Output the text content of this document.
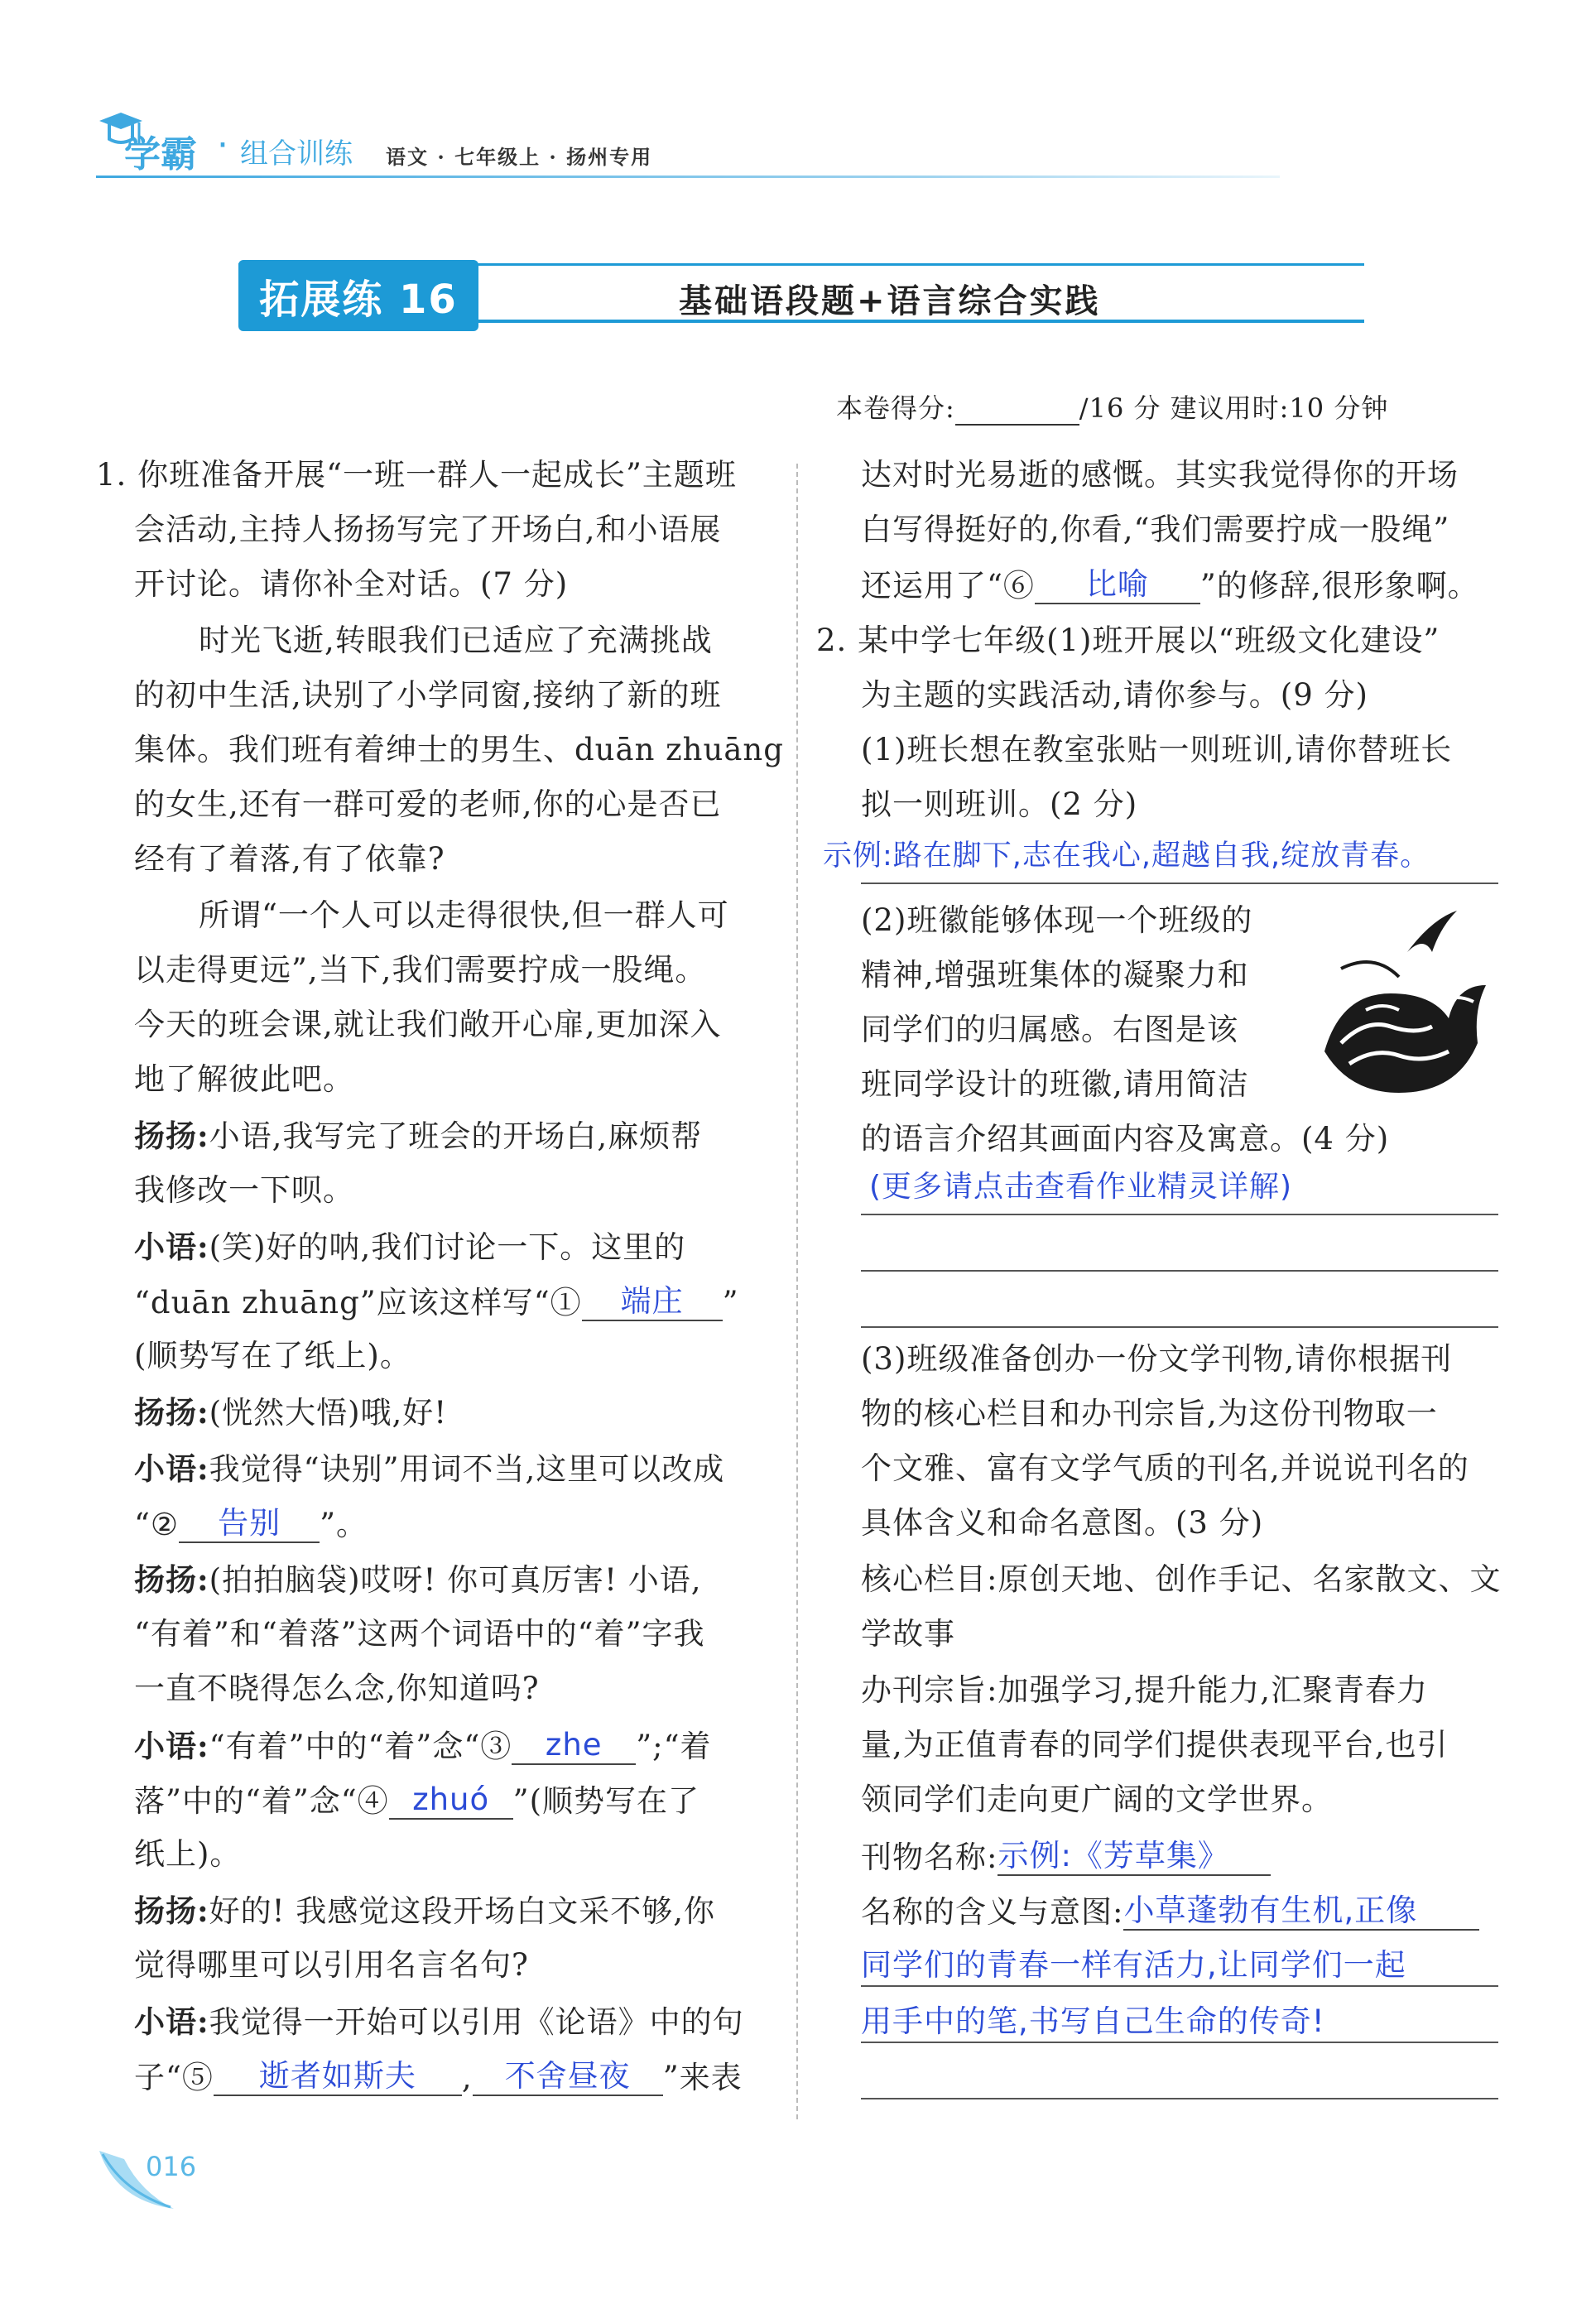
学霸 · 组合训练 语文 · 七年级上 · 扬州专用
拓展练 16	基础语段题+语言综合实践
本卷得分:	/16 分 建议用时:10 分钟
1. 你班准备开展“一班一群人一起成长”主题班
会活动,主持人扬扬写完了开场白,和小语展
开讨论。请你补全对话。(7 分)
时光飞逝,转眼我们已适应了充满挑战
的初中生活,诀别了小学同窗,接纳了新的班
集体。我们班有着绅士的男生、duān zhuāng
的女生,还有一群可爱的老师,你的心是否已
经有了着落,有了依靠?
所谓“一个人可以走得很快,但一群人可
以走得更远”,当下,我们需要拧成一股绳。
今天的班会课,就让我们敞开心扉,更加深入
地了解彼此吧。
扬扬:小语,我写完了班会的开场白,麻烦帮
我修改一下呗。
小语:(笑)好的呐,我们讨论一下。这里的
“duān zhuāng”应该这样写“① 端庄 ”
(顺势写在了纸上)。
扬扬:(恍然大悟)哦,好!
小语:我觉得“诀别”用词不当,这里可以改成
“② 告别 ”。
扬扬:(拍拍脑袋)哎呀! 你可真厉害! 小语,
“有着”和“着落”这两个词语中的“着”字我
一直不晓得怎么念,你知道吗?
小语:“有着”中的“着”念“③ zhe ”;“着
落”中的“着”念“④ zhuó ”(顺势写在了
纸上)。
扬扬:好的! 我感觉这段开场白文采不够,你
觉得哪里可以引用名言名句?
小语:我觉得一开始可以引用《论语》中的句
子“⑤ 逝者如斯夫 , 不舍昼夜 ”来表
达对时光易逝的感慨。其实我觉得你的开场
白写得挺好的,你看,“我们需要拧成一股绳”
还运用了“⑥ 比喻 ”的修辞,很形象啊。
2. 某中学七年级(1)班开展以“班级文化建设”
为主题的实践活动,请你参与。(9 分)
(1)班长想在教室张贴一则班训,请你替班长
拟一则班训。(2 分)
示例:路在脚下,志在我心,超越自我,绽放青春。
(2)班徽能够体现一个班级的
精神,增强班集体的凝聚力和
同学们的归属感。右图是该
班同学设计的班徽,请用简洁
的语言介绍其画面内容及寓意。(4 分)
(更多请点击查看作业精灵详解)
(3)班级准备创办一份文学刊物,请你根据刊
物的核心栏目和办刊宗旨,为这份刊物取一
个文雅、富有文学气质的刊名,并说说刊名的
具体含义和命名意图。(3 分)
核心栏目:原创天地、创作手记、名家散文、文
学故事
办刊宗旨:加强学习,提升能力,汇聚青春力
量,为正值青春的同学们提供表现平台,也引
领同学们走向更广阔的文学世界。
刊物名称:示例:《芳草集》
名称的含义与意图:小草蓬勃有生机,正像
同学们的青春一样有活力,让同学们一起
用手中的笔,书写自己生命的传奇!
016
